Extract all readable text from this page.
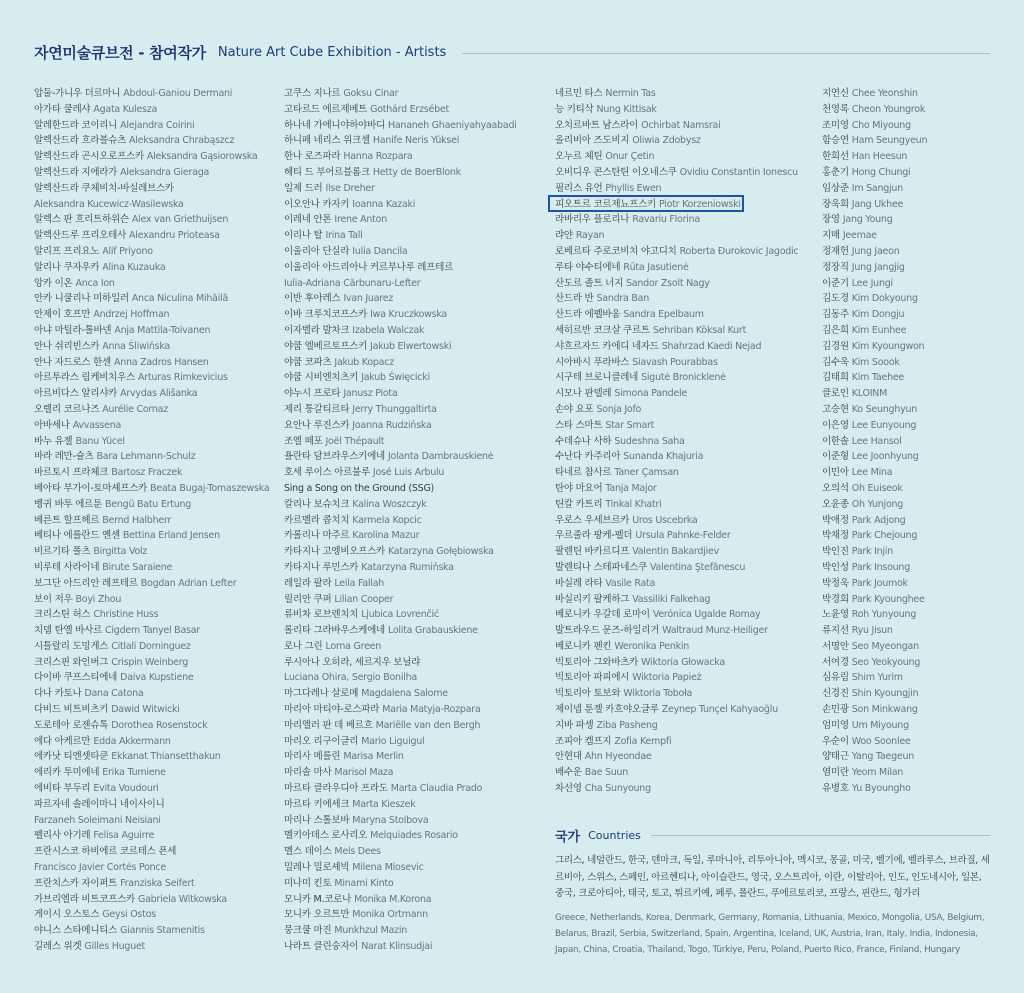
자연미술큐브전 - 참여작가 Nature Art Cube Exhibition - Artists
압둘-가니우 더르마니 Abdoul-Ganiou Dermani
아가타 쿨레샤 Agata Kulesza
알레한드라 코이리니 Alejandra Coirini
알렉산드라 흐라볼슈츠 Aleksandra Chrabąszcz
알렉산드라 곤시오로프스카 Aleksandra Gąsiorowska
알렉산드라 지에라가 Aleksandra Gieraga
알렉산드라 쿠체비치-바실레브스카
Aleksandra Kucewicz-Wasilewska
알렉스 판 흐리트하위슨 Alex van Griethuijsen
알렉산드루 프리오테사 Alexandru Prioteasa
알리프 프리요노 Alif Priyono
알리나 쿠자우카 Alina Kuzauka
앙카 이온 Anca Ion
안카 니쿨리나 미하일러 Anca Niculina Mihăilă
안제이 호프만 Andrzej Hoffman
아냐 마틸라-톨바넨 Anja Mattila-Toivanen
안나 쉬리빈스카 Anna Śliwińska
안나 자드로스 한센 Anna Zadros Hansen
아르투라스 림케비치우스 Arturas Rimkevicius
아르비다스 알리샤카 Arvydas Ališanka
오렐리 코르나즈 Aurélie Cornaz
아바세나 Avvassena
바누 유젤 Banu Yücel
바라 레만-슐츠 Bara Lehmann-Schulz
바르토시 프라체크 Bartosz Fraczek
베아타 부가이-토마셰프스카 Beata Bugaj-Tomaszewska
벵귀 바투 에르툰 Bengü Batu Ertung
베른트 할프헤르 Bernd Halbherr
베티나 에를란드 옌센 Bettina Erland Jensen
비르기타 폴츠 Birgitta Volz
비루테 사라이네 Birute Saraiene
보그단 아드리안 레프테르 Bogdan Adrian Lefter
보이 저우 Boyi Zhou
크리스틴 허스 Christine Huss
치뎀 탄옐 바사르 Cigdem Tanyel Basar
시틀랄리 도밍게스 Citlali Dominguez
크리스핀 와인버그 Crispin Weinberg
다이바 쿠프스티에네 Daiva Kupstiene
다나 카토나 Dana Catona
다비드 비트비츠키 Dawid Witwicki
도로테아 로젠슈톡 Dorothea Rosenstock
에다 아케르만 Edda Akkermann
에카낫 티엔셋타쿤 Ekkanat Thiansetthakun
에리카 투미에네 Erika Tumiene
에비타 부두리 Evita Voudouri
파르자네 솔레이마니 네이사이니
Farzaneh Soleimani Neisiani
펠리사 아기레 Felisa Aguirre
프란시스코 하비에르 코르테스 폰세
Francisco Javier Cortés Ponce
프란치스카 자이퍼트 Franziska Seifert
가브리엘라 비트코프스카 Gabriela Witkowska
게이시 오스토스 Geysi Ostos
야니스 스타메니티스 Giannis Stamenitis
길레스 위겟 Gilles Huguet
고쿠스 지나르 Goksu Cinar
고타르드 에르제베트 Gothárd Erzsébet
하나네 가에니야하야바디 Hananeh Ghaeniyahyaabadi
하니페 네리스 위크셀 Hanife Neris Yüksel
한나 로즈파라 Hanna Rozpara
헤티 드 부어르블롬크 Hetty de BoerBlonk
일제 드러 Ilse Dreher
이오안나 카자키 Ioanna Kazaki
이레네 안톤 Irene Anton
이리나 탈 Irina Tall
이울리아 단실라 Iulia Dancila
이울리아 아드리아나 커르부나루 레프테르
Iulia-Adriana Cărbunaru-Lefter
이반 후아레스 Ivan Juarez
이바 크루치코프스카 Iwa Kruczkowska
이자벨라 발차크 Izabela Walczak
야쿱 엘베르토프스키 Jakub Elwertowski
야쿱 코파츠 Jakub Kopacz
야쿱 시비엔치츠키 Jakub Święcicki
야누시 프로타 Janusz Piota
제리 퉁갈티르타 Jerry Thunggaltirta
요안나 루진스카 Joanna Rudzińska
조엘 떼포 Joël Thépault
욜란타 담브라우스키에네 Jolanta Dambrauskienė
호세 루이스 아르불루 José Luis Arbulu
Sing a Song on the Ground (SSG)
칼리나 보슈치크 Kalina Woszczyk
카르멜라 콥치치 Karmela Kopcic
카롤리나 마주르 Karolina Mazur
카타지나 고엥비오프스카 Katarzyna Gołębiowska
카타지나 루민스카 Katarzyna Rumińska
레일라 팔라 Leila Fallah
릴리안 쿠퍼 Lilian Cooper
류비차 로브렌치치 Ljubica Lovrenčić
롤리타 그라바우스케에네 Lolita Grabauskiene
로나 그린 Lorna Green
루시아나 오히라, 세르지우 보닐랴
Luciana Ohira, Sergio Bonilha
마그다레나 살로메 Magdalena Salome
마리아 마티야-로스파라 Maria Matyja-Rozpara
마리엘러 판 데 베르흐 Mariëlle van den Bergh
마리오 리구이글리 Mario Liguigul
마리사 메를린 Marisa Merlin
마리솔 마사 Marisol Maza
마르타 클라우디아 프라도 Marta Claudia Prado
마르타 키에세크 Marta Kieszek
마리나 스톨보바 Maryna Stolbova
멜키아데스 로사리오 Melquiades Rosario
멜스 데이스 Mels Dees
밀레나 밀로셰빅 Milena Mlosevic
미나미 킨토 Minami Kinto
모니카 M.코로나 Monika M.Korona
모니카 오르트만 Monika Ortmann
뭉크쿨 마진 Munkhzul Mazin
나라트 클린숭자이 Narat Klinsudjai
네르민 타스 Nermin Tas
능 키티삭 Nung Kittisak
오치르바트 남스라이 Ochirbat Namsrai
올리비아 즈도비지 Oliwia Zdobysz
오누르 체틴 Onur Çetin
오비디우 콘스탄틴 이오네스쿠 Ovidiu Constantin Ionescu
필리스 유언 Phyllis Ewen
피오트르 코르제뇨프스키 Piotr Korzeniowski
라바리우 플로리나 Ravariu Florina
랴얀 Rayan
로베르타 주로코비치 야고디치 Roberta Đurokovic Jagodic
루타 야수티에네 Rūta Jasutienė
산도르 졸트 너지 Sandor Zsolt Nagy
산드라 반 Sandra Ban
산드라 에펠바움 Sandra Epelbaum
세히르반 코크살 쿠르트 Sehriban Köksal Kurt
샤흐르자드 카에디 네자드 Shahrzad Kaedi Nejad
시아바시 푸라바스 Siavash Pourabbas
시구테 브로니클레네 Sigutė Bronicklenė
시모나 판델레 Simona Pandele
손야 요포 Sonja Jofo
스타 스마트 Star Smart
수데슈나 사하 Sudeshna Saha
수난다 카주리아 Sunanda Khajuria
타네르 참사르 Taner Çamsan
탄야 마요어 Tanja Major
틴칼 카트리 Tinkal Khatri
우로스 우세브르카 Uros Uscebrka
우르줄라 팡케-펠더 Ursula Pahnke-Felder
팔렌틴 바카르디프 Valentin Bakardjiev
발렌티나 스테파네스쿠 Valentina Ştefănescu
바실레 라타 Vasile Rata
바실리키 팔케하그 Vassiliki Falkehag
베로니카 우갈데 로마이 Verónica Ugalde Romay
발트라우드 문즈-하일리거 Waltraud Munz-Heiliger
베로니카 펜킨 Weronika Penkin
빅토리아 그와바츠카 Wiktoria Głowacka
빅토리아 파피에시 Wiktoria Papież
빅토리아 토보와 Wiktoria Toboła
제이넵 툰젤 카흐야오글루 Zeynep Tunçel Kahyaoğlu
지바 파셍 Ziba Pasheng
조피아 켐프지 Zofia Kempfi
안현대 Ahn Hyeondae
배수운 Bae Suun
차선영 Cha Sunyoung
지연신 Chee Yeonshin
천영록 Cheon Youngrok
조미영 Cho Miyoung
함승연 Ham Seungyeun
한희선 Han Heesun
홍춘기 Hong Chungi
임상준 Im Sangjun
장욱희 Jang Ukhee
장영 Jang Young
지매 Jeemae
정재헌 Jung Jaeon
정장직 Jung Jangjig
이준기 Lee Jungi
김도경 Kim Dokyoung
김동주 Kim Dongju
김은희 Kim Eunhee
김경원 Kim Kyoungwon
김수욱 Kim Soook
김태희 Kim Taehee
클로인 KLOINM
고승현 Ko Seunghyun
이은영 Lee Eunyoung
이한솔 Lee Hansol
이준형 Lee Joonhyung
이민아 Lee Mina
오의석 Oh Euiseok
오윤종 Oh Yunjong
박애정 Park Adjong
박채정 Park Chejoung
박인진 Park Injin
박인성 Park Insoung
박정욱 Park Joumok
박경희 Park Kyounghee
노윤영 Roh Yunyoung
류지선 Ryu Jisun
서명안 Seo Myeongan
서여경 Seo Yeokyoung
심유림 Shim Yurim
신경진 Shin Kyoungjin
손민광 Son Minkwang
엄미영 Um Miyoung
우순이 Woo Soonlee
양태근 Yang Taegeun
염미란 Yeom Milan
유병호 Yu Byoungho
국가 Countries
그리스, 네덜란드, 한국, 덴마크, 독일, 루마니아, 리투아니아, 멕시코, 몽골, 미국, 벨기에, 벨라루스, 브라질, 세르비아, 스위스, 스페인, 아르헨티나, 아이슬란드, 영국, 오스트리아, 이란, 이탈리아, 인도, 인도네시아, 일본, 중국, 크로아티아, 태국, 토고, 튀르키예, 페루, 폴란드, 푸에르토리코, 프랑스, 핀란드, 헝가리
Greece, Netherlands, Korea, Denmark, Germany, Romania, Lithuania, Mexico, Mongolia, USA, Belgium, Belarus, Brazil, Serbia, Switzerland, Spain, Argentina, Iceland, UK, Austria, Iran, Italy, India, Indonesia, Japan, China, Croatia, Thailand, Togo, Türkiye, Peru, Poland, Puerto Rico, France, Finland, Hungary
